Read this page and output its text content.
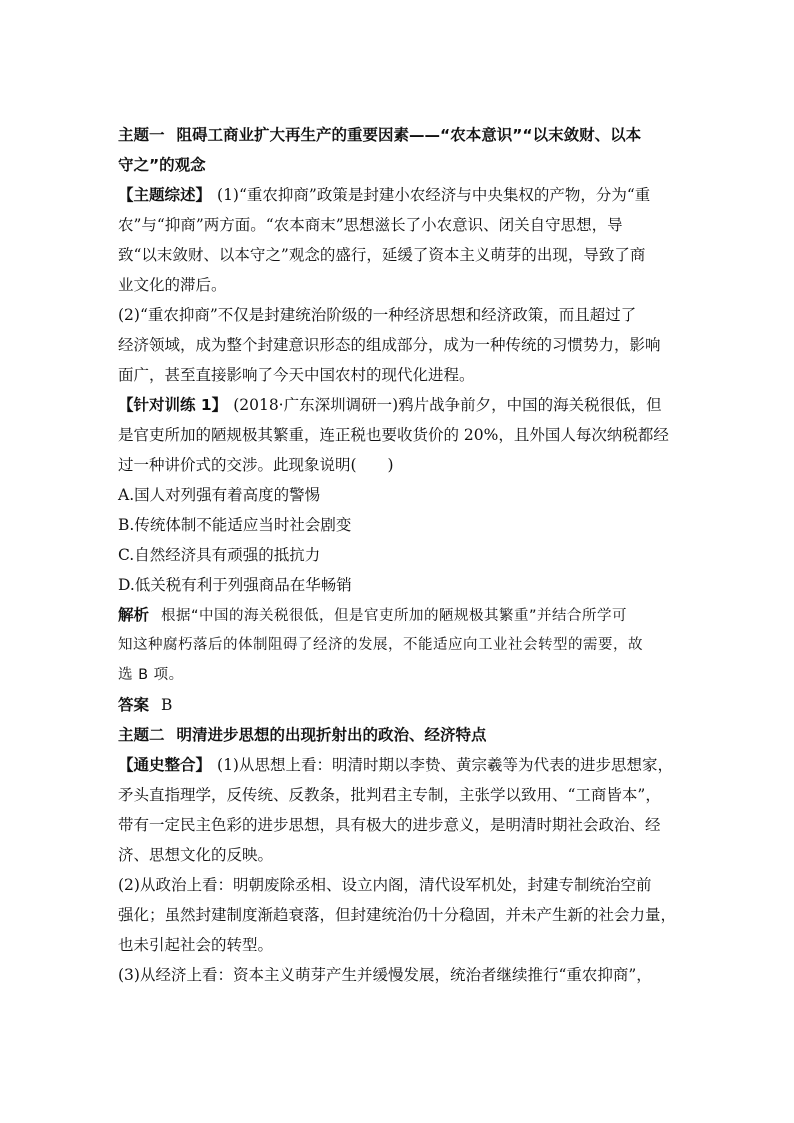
主题一 阻碍工商业扩大再生产的重要因素——“农本意识”“以末敛财、以本
守之”的观念
【主题综述】 (1)“重农抑商”政策是封建小农经济与中央集权的产物，分为“重
农”与“抑商”两方面。“农本商末”思想滋长了小农意识、闭关自守思想，导
致“以末敛财、以本守之”观念的盛行，延缓了资本主义萌芽的出现，导致了商
业文化的滞后。
(2)“重农抑商”不仅是封建统治阶级的一种经济思想和经济政策，而且超过了
经济领域，成为整个封建意识形态的组成部分，成为一种传统的习惯势力，影响
面广，甚至直接影响了今天中国农村的现代化进程。
【针对训练 1】 (2018·广东深圳调研一)鸦片战争前夕，中国的海关税很低，但
是官吏所加的陋规极其繁重，连正税也要收货价的 20%，且外国人每次纳税都经
过一种讲价式的交涉。此现象说明(　　)
A.国人对列强有着高度的警惕
B.传统体制不能适应当时社会剧变
C.自然经济具有顽强的抵抗力
D.低关税有利于列强商品在华畅销
解析 根据“中国的海关税很低，但是官吏所加的陋规极其繁重”并结合所学可
知这种腐朽落后的体制阻碍了经济的发展，不能适应向工业社会转型的需要，故
选 B 项。
答案 B
主题二 明清进步思想的出现折射出的政治、经济特点
【通史整合】 (1)从思想上看：明清时期以李贽、黄宗羲等为代表的进步思想家，
矛头直指理学，反传统、反教条，批判君主专制，主张学以致用、“工商皆本”，
带有一定民主色彩的进步思想，具有极大的进步意义，是明清时期社会政治、经
济、思想文化的反映。
(2)从政治上看：明朝废除丞相、设立内阁，清代设军机处，封建专制统治空前
强化；虽然封建制度渐趋衰落，但封建统治仍十分稳固，并未产生新的社会力量，
也未引起社会的转型。
(3)从经济上看：资本主义萌芽产生并缓慢发展，统治者继续推行“重农抑商”，
